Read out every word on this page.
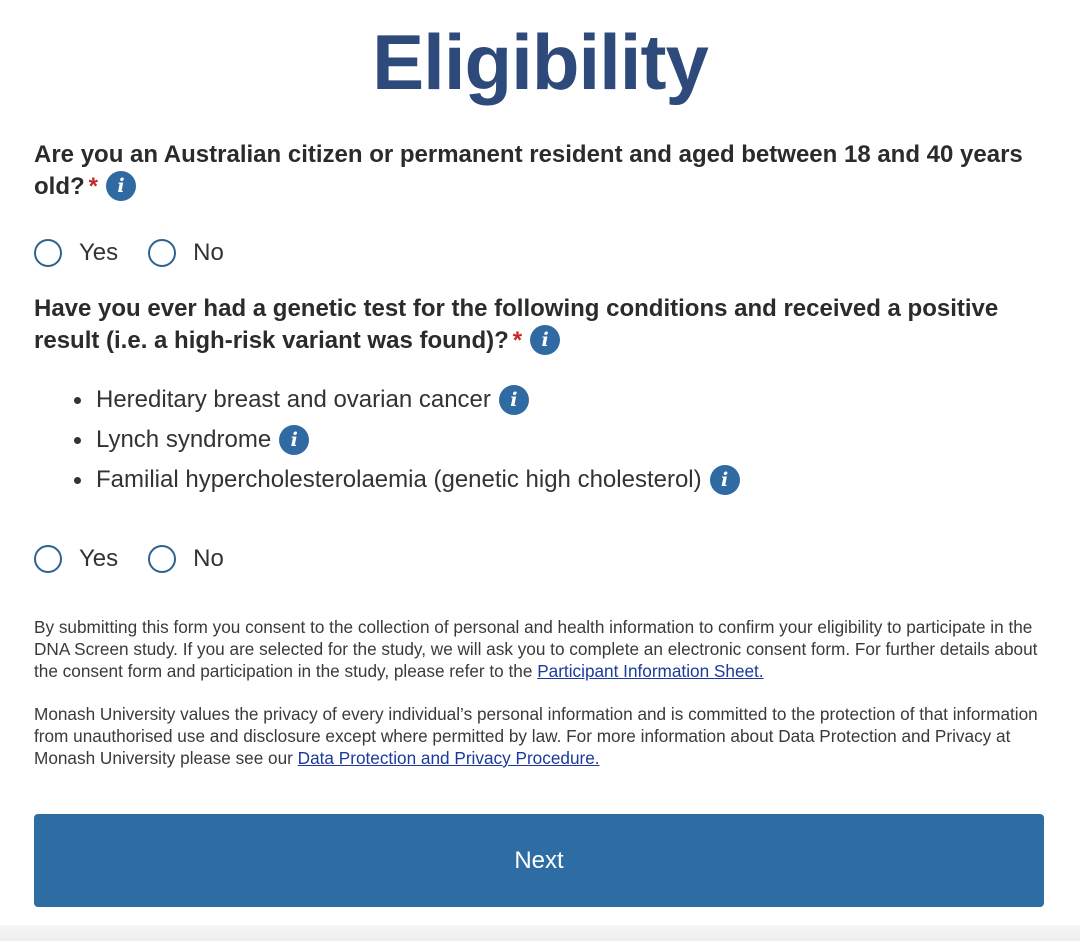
Eligibility
Are you an Australian citizen or permanent resident and aged between 18 and 40 years old? * i
Yes	No
Have you ever had a genetic test for the following conditions and received a positive result (i.e. a high-risk variant was found)? * i
Hereditary breast and ovarian cancer	i
Lynch syndrome	i
Familial hypercholesterolaemia (genetic high cholesterol)	i
Yes	No

By submitting this form you consent to the collection of personal and health information to confirm your eligibility to participate in the DNA Screen study. If you are selected for the study, we will ask you to complete an electronic consent form. For further details about the consent form and participation in the study, please refer to the Participant Information Sheet.

Monash University values the privacy of every individual’s personal information and is committed to the protection of that information from unauthorised use and disclosure except where permitted by law. For more information about Data Protection and Privacy at Monash University please see our Data Protection and Privacy Procedure.

Next
